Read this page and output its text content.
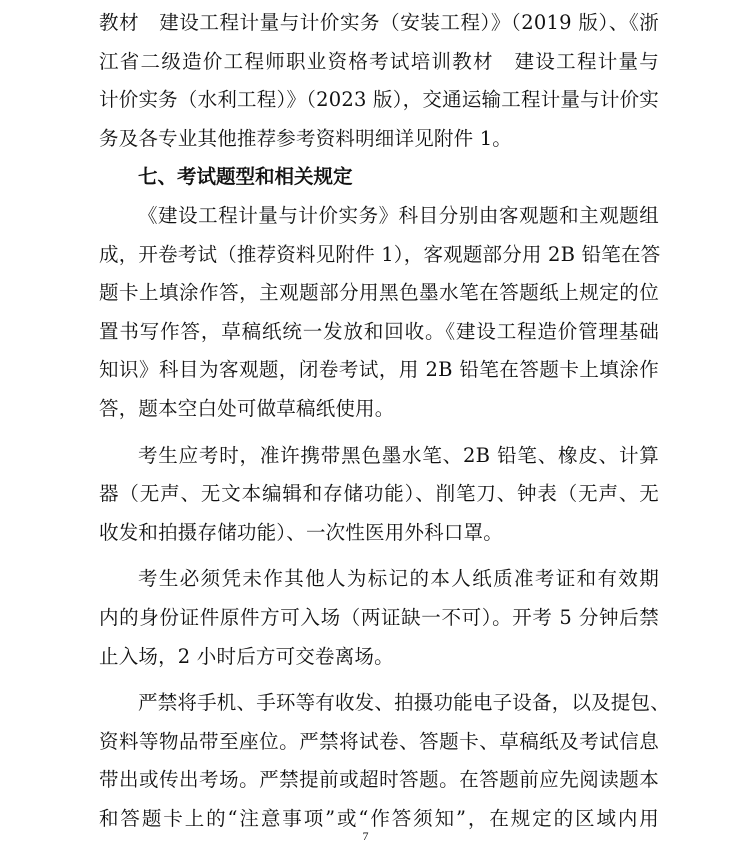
教材　建设工程计量与计价实务（安装工程）》（2019 版）、《浙
江省二级造价工程师职业资格考试培训教材　建设工程计量与
计价实务（水利工程）》（2023 版），交通运输工程计量与计价实
务及各专业其他推荐参考资料明细详见附件 1。
七、考试题型和相关规定
《建设工程计量与计价实务》科目分别由客观题和主观题组
成，开卷考试（推荐资料见附件 1），客观题部分用 2B 铅笔在答
题卡上填涂作答，主观题部分用黑色墨水笔在答题纸上规定的位
置书写作答，草稿纸统一发放和回收。《建设工程造价管理基础
知识》科目为客观题，闭卷考试，用 2B 铅笔在答题卡上填涂作
答，题本空白处可做草稿纸使用。
考生应考时，准许携带黑色墨水笔、2B 铅笔、橡皮、计算
器（无声、无文本编辑和存储功能）、削笔刀、钟表（无声、无
收发和拍摄存储功能）、一次性医用外科口罩。
考生必须凭未作其他人为标记的本人纸质准考证和有效期
内的身份证件原件方可入场（两证缺一不可）。开考 5 分钟后禁
止入场，2 小时后方可交卷离场。
严禁将手机、手环等有收发、拍摄功能电子设备，以及提包、
资料等物品带至座位。严禁将试卷、答题卡、草稿纸及考试信息
带出或传出考场。严禁提前或超时答题。在答题前应先阅读题本
和答题卡上的“注意事项”或“作答须知”，在规定的区域内用
7
